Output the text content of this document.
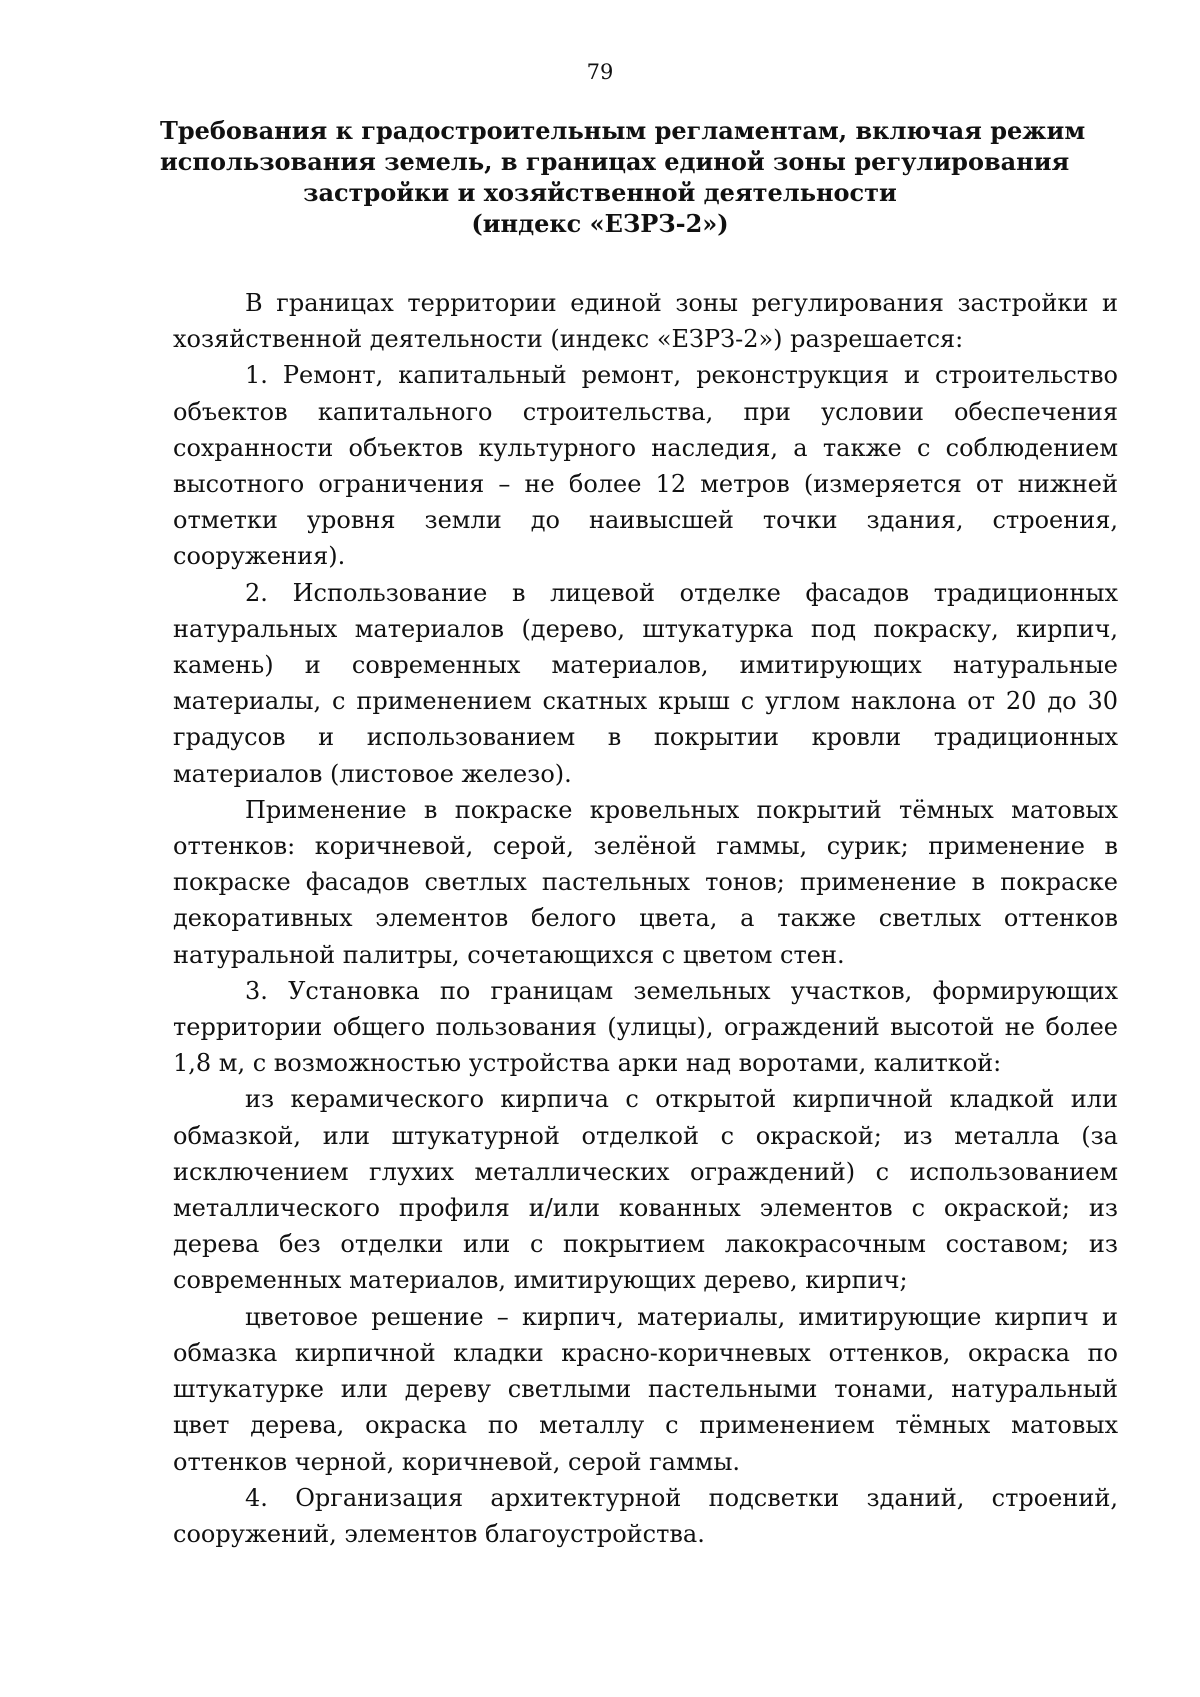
79
Требования к градостроительным регламентам, включая режим
использования земель, в границах единой зоны регулирования
застройки и хозяйственной деятельности
(индекс «ЕЗРЗ-2»)

В границах территории единой зоны регулирования застройки и хозяйственной деятельности (индекс «ЕЗРЗ-2») разрешается:

1. Ремонт, капитальный ремонт, реконструкция и строительство объектов капитального строительства, при условии обеспечения сохранности объектов культурного наследия, а также с соблюдением высотного ограничения – не более 12 метров (измеряется от нижней отметки уровня земли до наивысшей точки здания, строения, сооружения).

2. Использование в лицевой отделке фасадов традиционных натуральных материалов (дерево, штукатурка под покраску, кирпич, камень) и современных материалов, имитирующих натуральные материалы, с применением скатных крыш с углом наклона от 20 до 30 градусов и использованием в покрытии кровли традиционных материалов (листовое железо).

Применение в покраске кровельных покрытий тёмных матовых оттенков: коричневой, серой, зелёной гаммы, сурик; применение в покраске фасадов светлых пастельных тонов; применение в покраске декоративных элементов белого цвета, а также светлых оттенков натуральной палитры, сочетающихся с цветом стен.

3. Установка по границам земельных участков, формирующих территории общего пользования (улицы), ограждений высотой не более 1,8 м, с возможностью устройства арки над воротами, калиткой:

из керамического кирпича с открытой кирпичной кладкой или обмазкой, или штукатурной отделкой с окраской; из металла (за исключением глухих металлических ограждений) с использованием металлического профиля и/или кованных элементов с окраской; из дерева без отделки или с покрытием лакокрасочным составом; из современных материалов, имитирующих дерево, кирпич;

цветовое решение – кирпич, материалы, имитирующие кирпич и обмазка кирпичной кладки красно-коричневых оттенков, окраска по штукатурке или дереву светлыми пастельными тонами, натуральный цвет дерева, окраска по металлу с применением тёмных матовых оттенков черной, коричневой, серой гаммы.

4. Организация архитектурной подсветки зданий, строений, сооружений, элементов благоустройства.
